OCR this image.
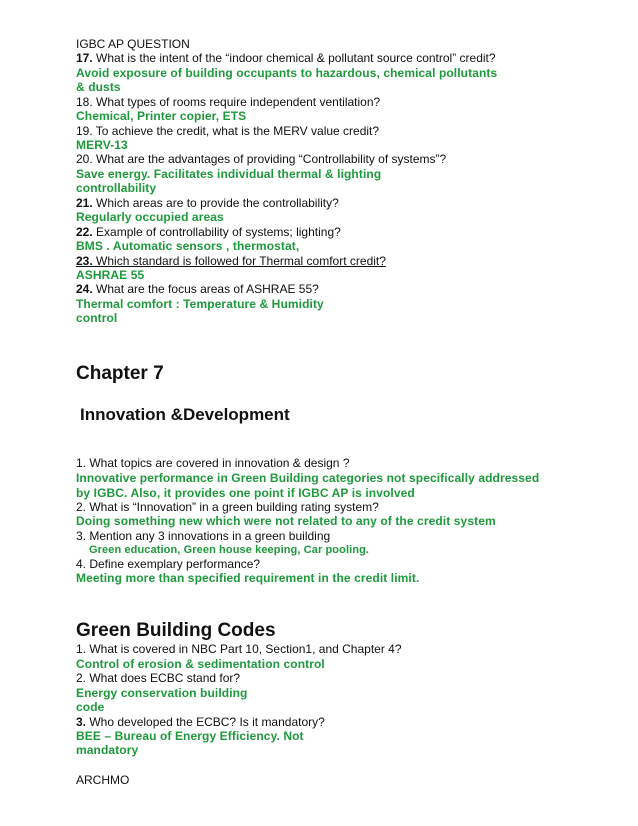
IGBC AP QUESTION
17. What is the intent of the “indoor chemical & pollutant source control” credit?
Avoid exposure of building occupants to hazardous, chemical pollutants
& dusts
18. What types of rooms require independent ventilation?
Chemical, Printer copier, ETS
19. To achieve the credit, what is the MERV value credit?
MERV-13
20. What are the advantages of providing “Controllability of systems”?
Save energy. Facilitates individual thermal & lighting
controllability
21. Which areas are to provide the controllability?
Regularly occupied areas
22. Example of controllability of systems; lighting?
BMS . Automatic sensors , thermostat,
23. Which standard is followed for Thermal comfort credit?
ASHRAE 55
24. What are the focus areas of ASHRAE 55?
Thermal comfort : Temperature & Humidity
control
Chapter 7
Innovation &Development
1. What topics are covered in innovation & design ?
Innovative performance in Green Building categories not specifically addressed
by IGBC. Also, it provides one point if IGBC AP is involved
2. What is “Innovation” in a green building rating system?
Doing something new which were not related to any of the credit system
3. Mention any 3 innovations in a green building
Green education, Green house keeping, Car pooling.
4. Define exemplary performance?
Meeting more than specified requirement in the credit limit.
Green Building Codes
1. What is covered in NBC Part 10, Section1, and Chapter 4?
Control of erosion & sedimentation control
2. What does ECBC stand for?
Energy conservation building
code
3. Who developed the ECBC? Is it mandatory?
BEE – Bureau of Energy Efficiency. Not
mandatory
ARCHMO
